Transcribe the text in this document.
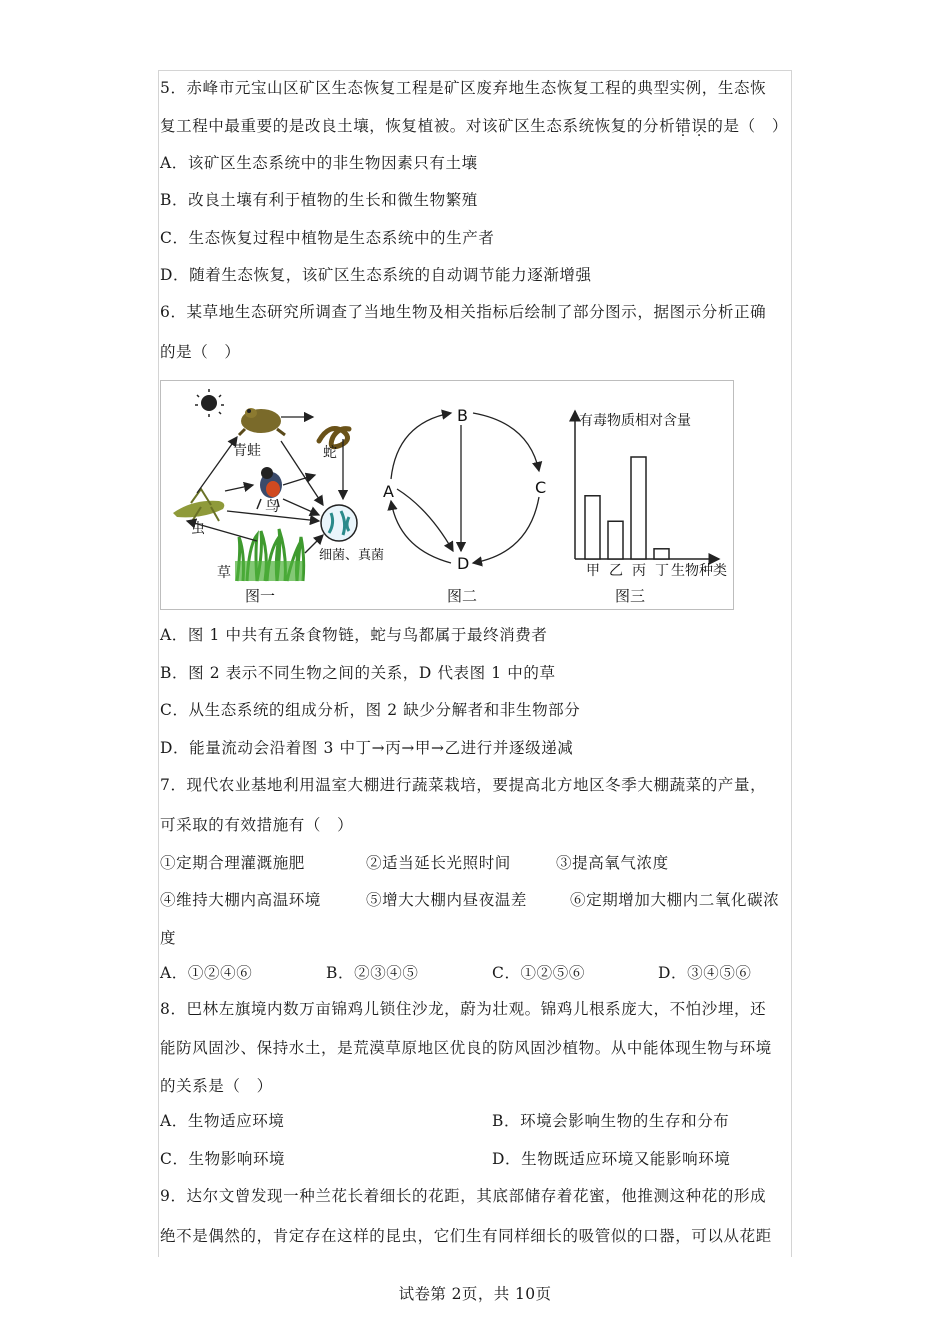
5．赤峰市元宝山区矿区生态恢复工程是矿区废弃地生态恢复工程的典型实例，生态恢
复工程中最重要的是改良土壤，恢复植被。对该矿区生态系统恢复的分析错误的是（　）
A．该矿区生态系统中的非生物因素只有土壤
B．改良土壤有利于植物的生长和微生物繁殖
C．生态恢复过程中植物是生态系统中的生产者
D．随着生态恢复，该矿区生态系统的自动调节能力逐渐增强
6．某草地生态研究所调查了当地生物及相关指标后绘制了部分图示，据图示分析正确
的是（　）
青蛙	蛇
鸟
虫
草
细菌、真菌
图一
B
A	C
D
图二
有毒物质相对含量
甲 乙 丙 丁 生物种类
图三
A．图 1 中共有五条食物链，蛇与鸟都属于最终消费者
B．图 2 表示不同生物之间的关系，D 代表图 1 中的草
C．从生态系统的组成分析，图 2 缺少分解者和非生物部分
D．能量流动会沿着图 3 中丁→丙→甲→乙进行并逐级递减
7．现代农业基地利用温室大棚进行蔬菜栽培，要提高北方地区冬季大棚蔬菜的产量，
可采取的有效措施有（　）
①定期合理灌溉施肥	②适当延长光照时间	③提高氧气浓度
④维持大棚内高温环境	⑤增大大棚内昼夜温差	⑥定期增加大棚内二氧化碳浓
度
A．①②④⑥	B．②③④⑤	C．①②⑤⑥	D．③④⑤⑥
8．巴林左旗境内数万亩锦鸡儿锁住沙龙，蔚为壮观。锦鸡儿根系庞大，不怕沙埋，还
能防风固沙、保持水土，是荒漠草原地区优良的防风固沙植物。从中能体现生物与环境
的关系是（　）
A．生物适应环境	B．环境会影响生物的生存和分布
C．生物影响环境	D．生物既适应环境又能影响环境
9．达尔文曾发现一种兰花长着细长的花距，其底部储存着花蜜，他推测这种花的形成
绝不是偶然的，肯定存在这样的昆虫，它们生有同样细长的吸管似的口器，可以从花距
试卷第 2页，共 10页
